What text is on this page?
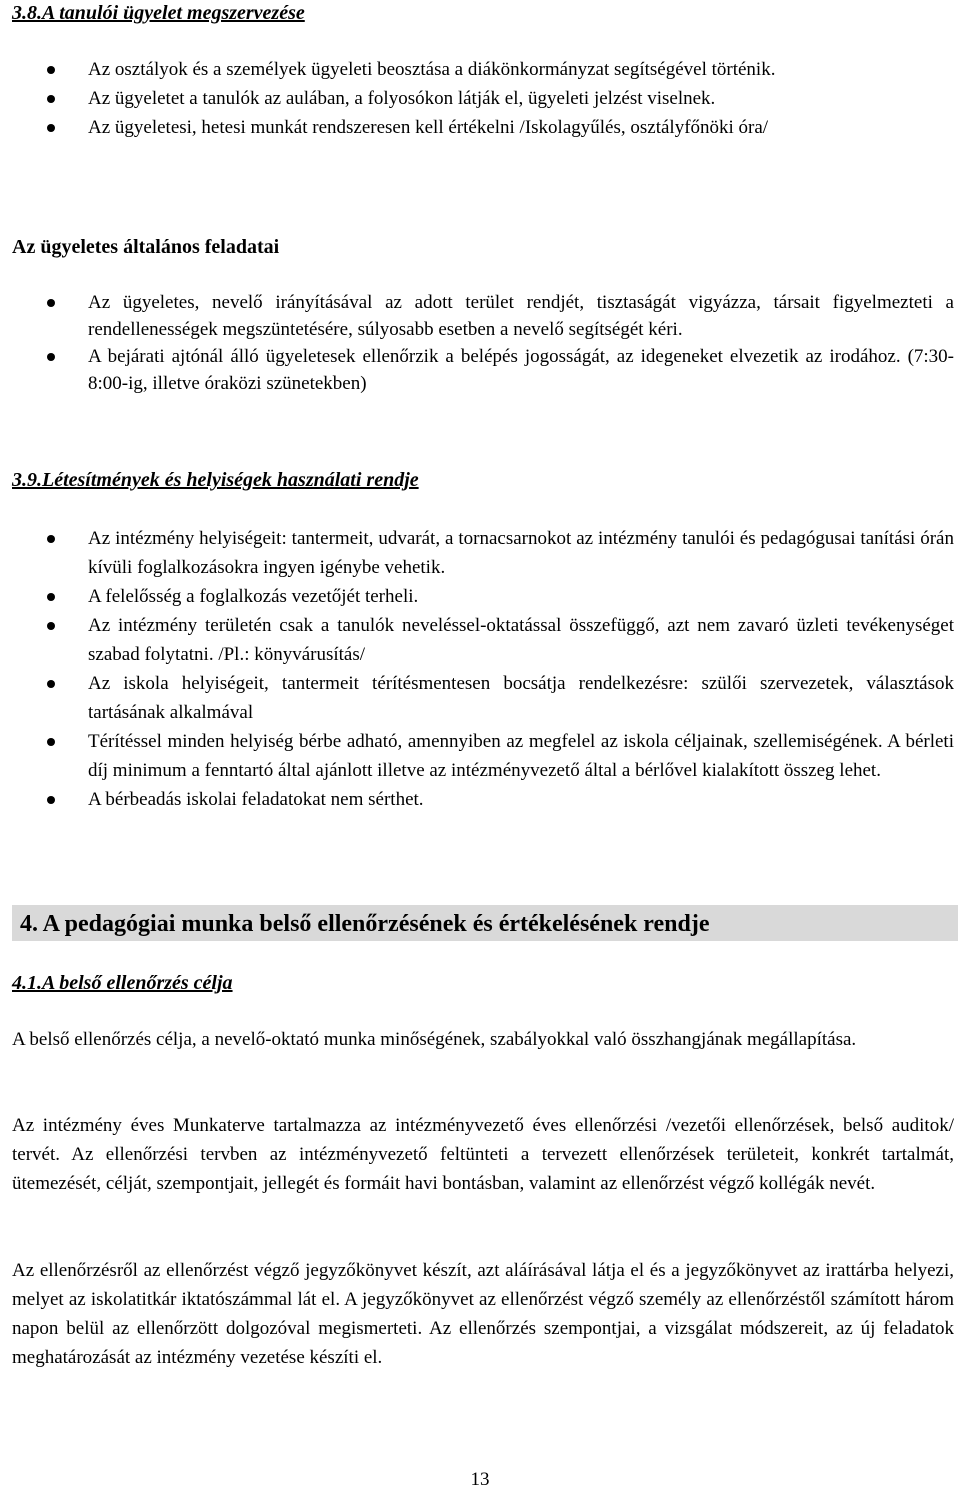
3.8.A tanulói ügyelet megszervezése
Az osztályok és a személyek ügyeleti beosztása a diákönkormányzat segítségével történik.
Az ügyeletet a tanulók az aulában, a folyosókon látják el, ügyeleti jelzést viselnek.
Az ügyeletesi, hetesi munkát rendszeresen kell értékelni /Iskolagyűlés, osztályfőnöki óra/
Az ügyeletes általános feladatai
Az ügyeletes, nevelő irányításával az adott terület rendjét, tisztaságát vigyázza, társait figyelmezteti a rendellenességek megszüntetésére, súlyosabb esetben a nevelő segítségét kéri.
A bejárati ajtónál álló ügyeletesek ellenőrzik a belépés jogosságát, az idegeneket elvezetik az irodához. (7:30-8:00-ig, illetve óraközi szünetekben)
3.9.Létesítmények és helyiségek használati rendje
Az intézmény helyiségeit: tantermeit, udvarát, a tornacsarnokot az intézmény tanulói és pedagógusai tanítási órán kívüli foglalkozásokra ingyen igénybe vehetik.
A felelősség a foglalkozás vezetőjét terheli.
Az intézmény területén csak a tanulók neveléssel-oktatással összefüggő, azt nem zavaró üzleti tevékenységet szabad folytatni. /Pl.: könyvárusítás/
Az iskola helyiségeit, tantermeit térítésmentesen bocsátja rendelkezésre: szülői szervezetek, választások tartásának alkalmával
Térítéssel minden helyiség bérbe adható, amennyiben az megfelel az iskola céljainak, szellemiségének. A bérleti díj minimum a fenntartó által ajánlott illetve az intézményvezető által a bérlővel kialakított összeg lehet.
A bérbeadás iskolai feladatokat nem sérthet.
4. A pedagógiai munka belső ellenőrzésének és értékelésének rendje
4.1.A belső ellenőrzés célja

A belső ellenőrzés célja, a nevelő-oktató munka minőségének, szabályokkal való összhangjának megállapítása.

Az intézmény éves Munkaterve tartalmazza az intézményvezető éves ellenőrzési /vezetői ellenőrzések, belső auditok/ tervét. Az ellenőrzési tervben az intézményvezető feltünteti a tervezett ellenőrzések területeit, konkrét tartalmát, ütemezését, célját, szempontjait, jellegét és formáit havi bontásban, valamint az ellenőrzést végző kollégák nevét.

Az ellenőrzésről az ellenőrzést végző jegyzőkönyvet készít, azt aláírásával látja el és a jegyzőkönyvet az irattárba helyezi, melyet az iskolatitkár iktatószámmal lát el. A jegyzőkönyvet az ellenőrzést végző személy az ellenőrzéstől számított három napon belül az ellenőrzött dolgozóval megismerteti. Az ellenőrzés szempontjai, a vizsgálat módszereit, az új feladatok meghatározását az intézmény vezetése készíti el.

13
